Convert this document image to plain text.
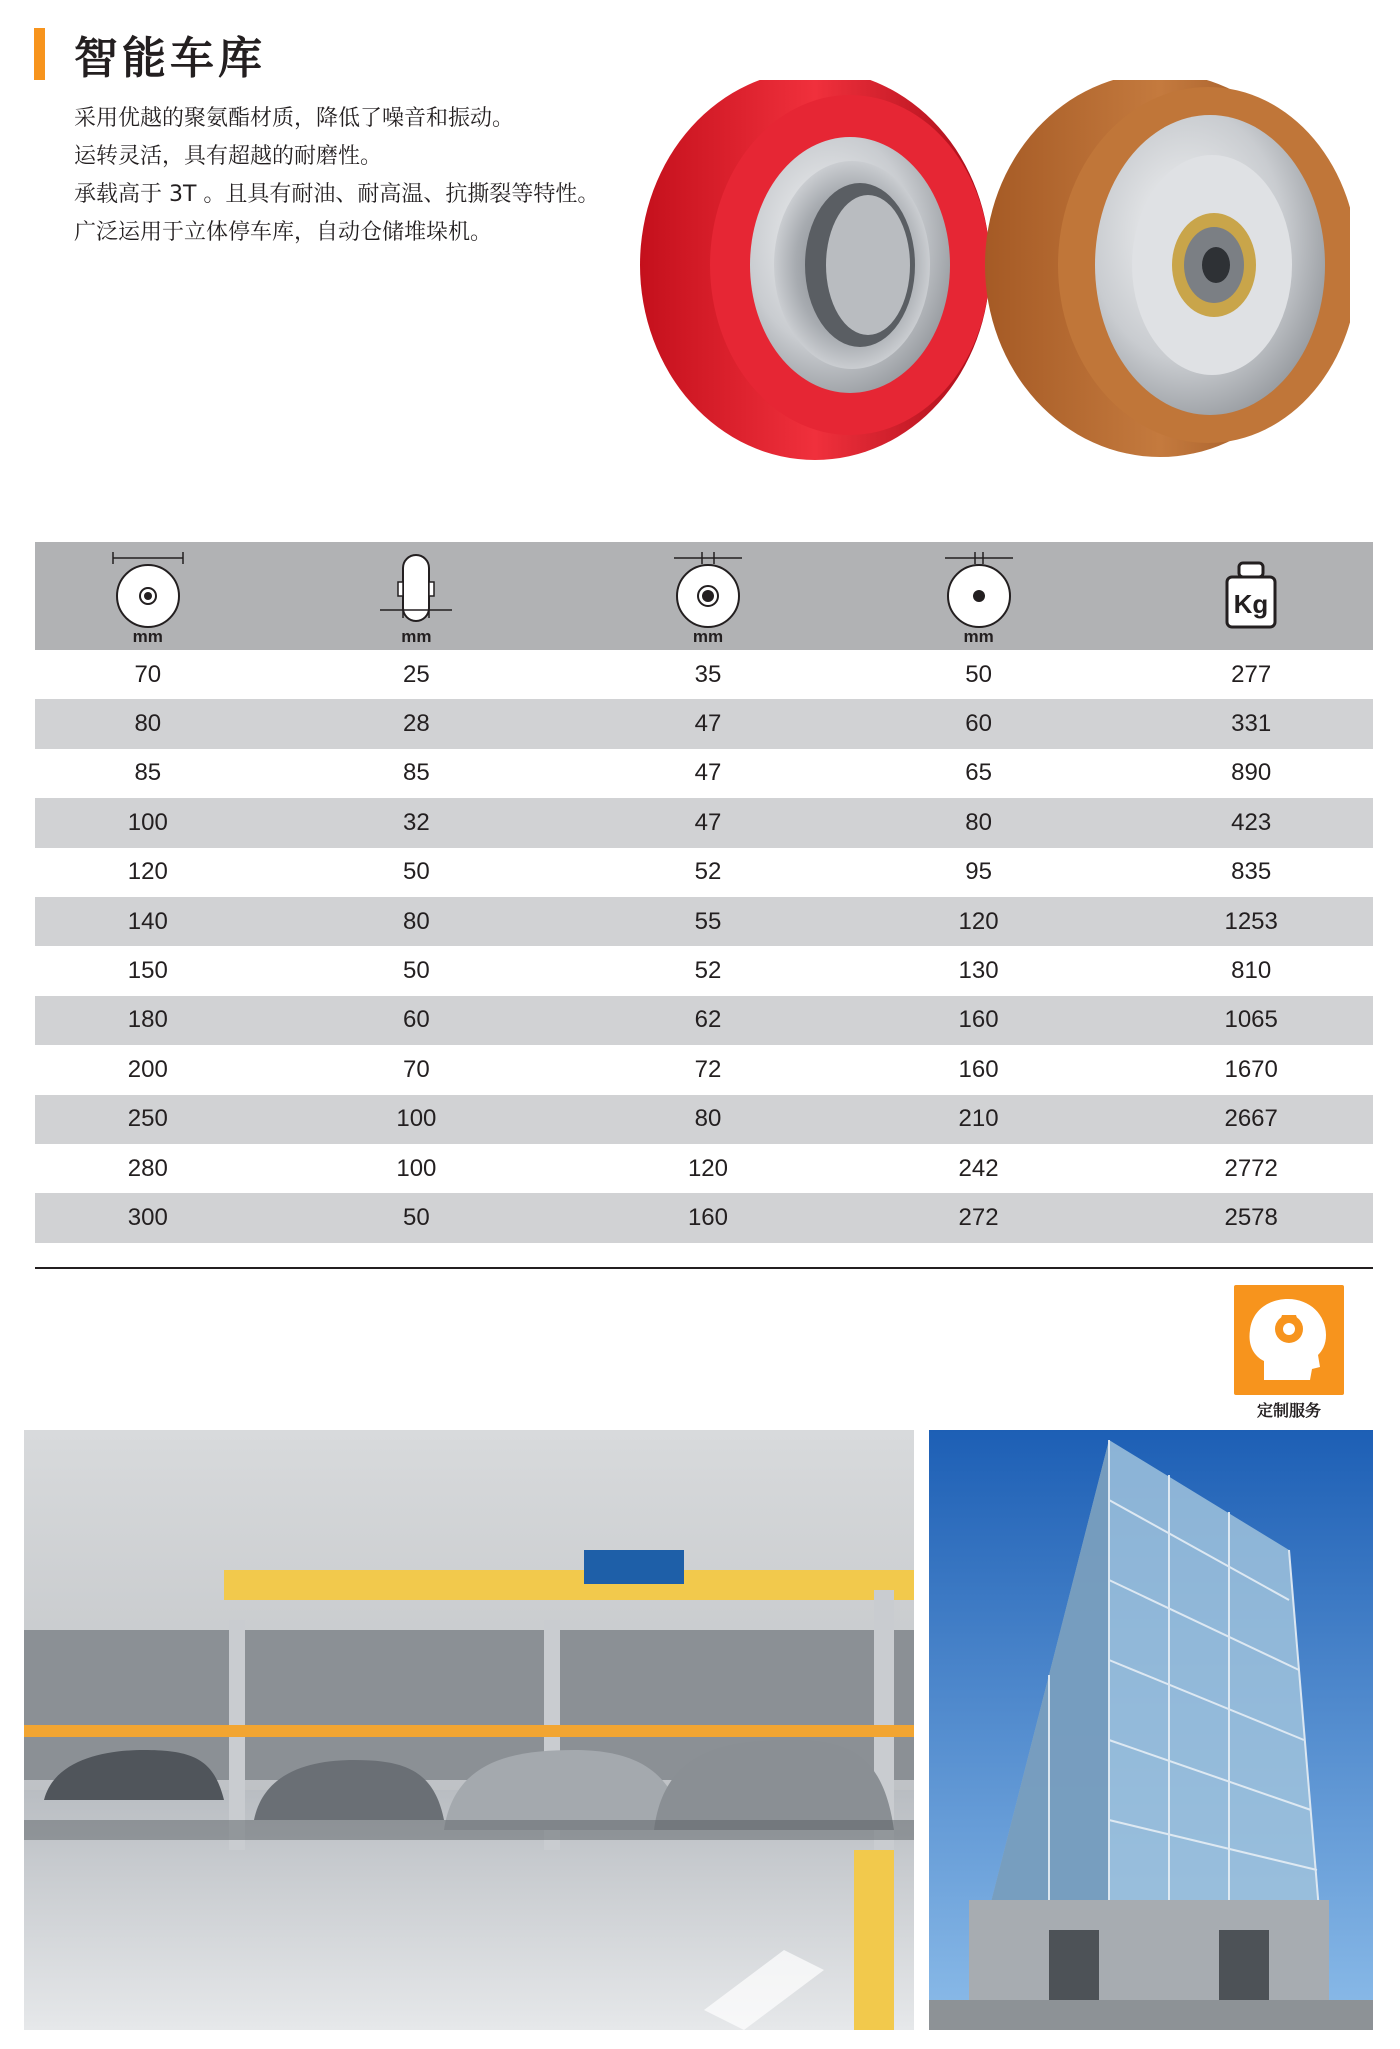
智能车库
采用优越的聚氨酯材质，降低了噪音和振动。
运转灵活，具有超越的耐磨性。
承载高于 3T 。且具有耐油、耐高温、抗撕裂等特性。
广泛运用于立体停车库，自动仓储堆垛机。
mm	mm	mm	mm	Kg

70	25	35	50	277
80	28	47	60	331
85	85	47	65	890
100	32	47	80	423
120	50	52	95	835
140	80	55	120	1253
150	50	52	130	810
180	60	62	160	1065
200	70	72	160	1670
250	100	80	210	2667
280	100	120	242	2772
300	50	160	272	2578
定制服务
